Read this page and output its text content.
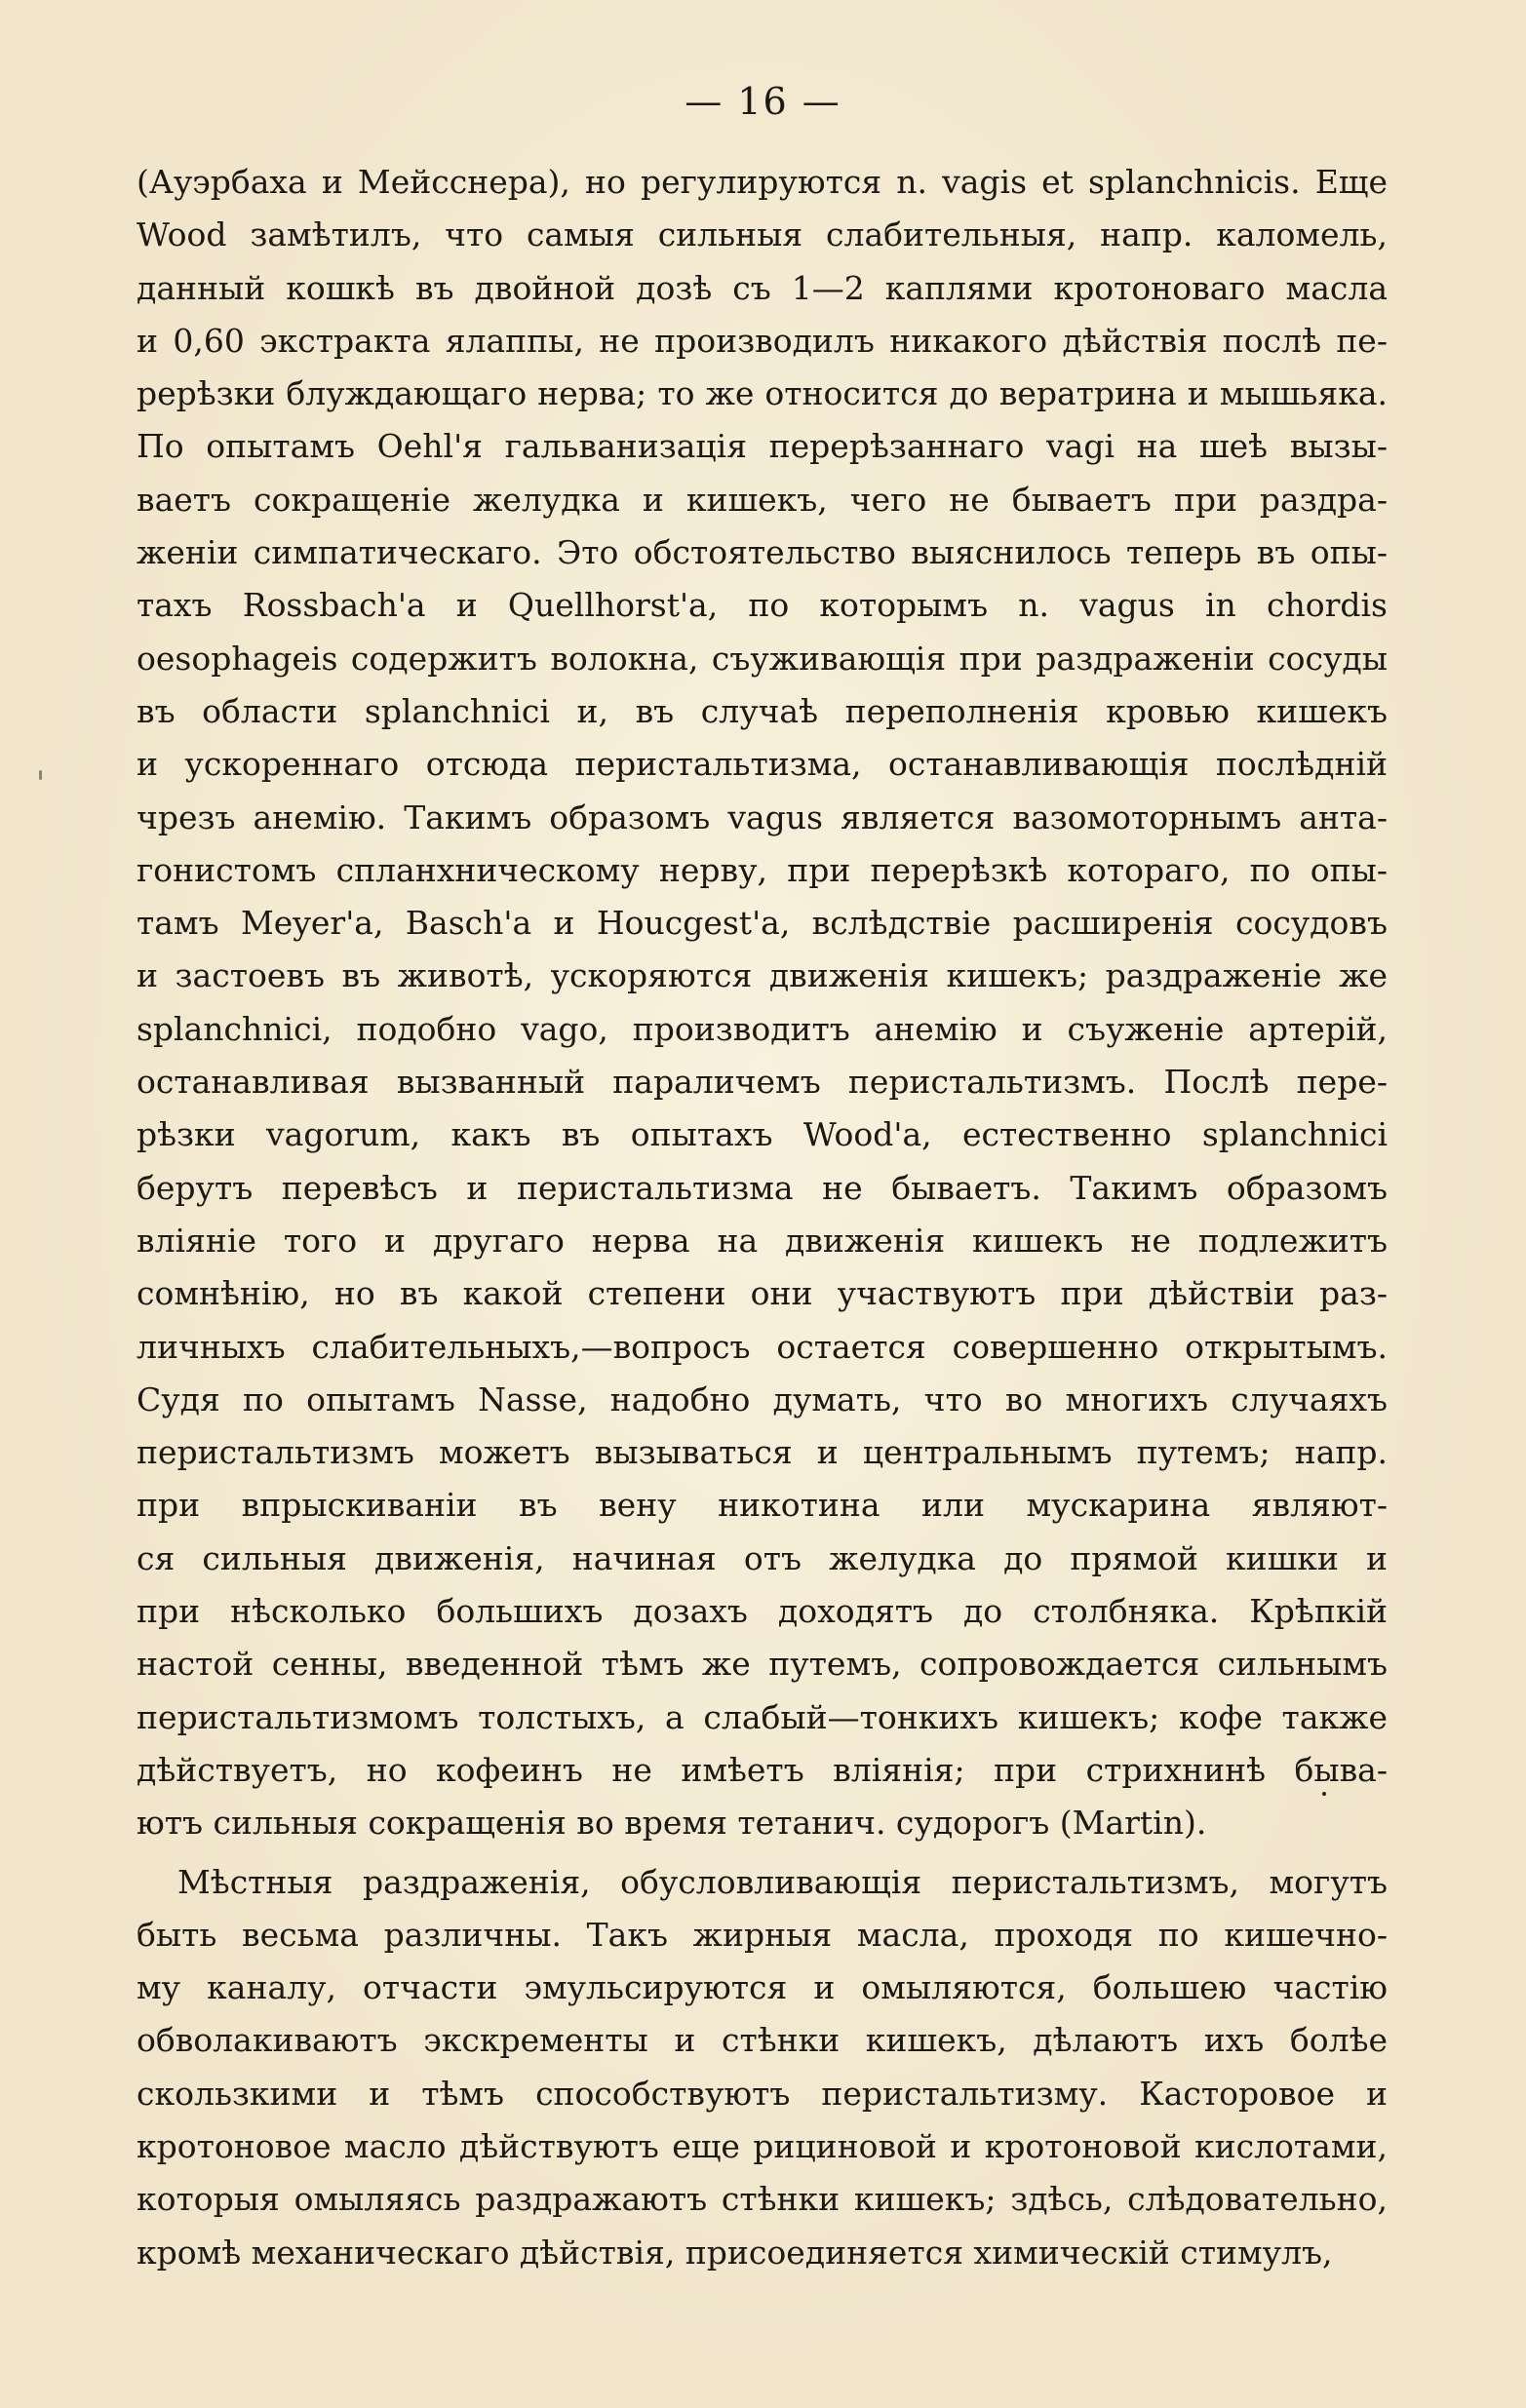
— 16 —
(Ауэрбаха и Мейсснера), но регулируются n. vagis et splanchnicis. Еще
Wood замѣтилъ, что самыя сильныя слабительныя, напр. каломель,
данный кошкѣ въ двойной дозѣ съ 1—2 каплями кротоноваго масла
и 0,60 экстракта ялаппы, не производилъ никакого дѣйствія послѣ пе-
рерѣзки блуждающаго нерва; то же относится до вератрина и мышьяка.
По опытамъ Oehl'я гальванизація перерѣзаннаго vagi на шеѣ вызы-
ваетъ сокращеніе желудка и кишекъ, чего не бываетъ при раздра-
женіи симпатическаго. Это обстоятельство выяснилось теперь въ опы-
тахъ Rossbach'а и Quellhorst'а, по которымъ n. vagus in chordis
oesophageis содержитъ волокна, съуживающія при раздраженіи сосуды
въ области splanchnici и, въ случаѣ переполненія кровью кишекъ
и ускореннаго отсюда перистальтизма, останавливающія послѣдній
чрезъ анемію. Такимъ образомъ vagus является вазомоторнымъ анта-
гонистомъ спланхническому нерву, при перерѣзкѣ котораго, по опы-
тамъ Meyer'а, Basch'а и Houcgest'а, вслѣдствіе расширенія сосудовъ
и застоевъ въ животѣ, ускоряются движенія кишекъ; раздраженіе же
splanchnici, подобно vago, производитъ анемію и съуженіе артерій,
останавливая вызванный параличемъ перистальтизмъ. Послѣ пере-
рѣзки vagorum, какъ въ опытахъ Wood'а, естественно splanchnici
берутъ перевѣсъ и перистальтизма не бываетъ. Такимъ образомъ
вліяніе того и другаго нерва на движенія кишекъ не подлежитъ
сомнѣнію, но въ какой степени они участвуютъ при дѣйствіи раз-
личныхъ слабительныхъ,—вопросъ остается совершенно открытымъ.
Судя по опытамъ Nasse, надобно думать, что во многихъ случаяхъ
перистальтизмъ можетъ вызываться и центральнымъ путемъ; напр.
при впрыскиваніи въ вену никотина или мускарина являют-
ся сильныя движенія, начиная отъ желудка до прямой кишки и
при нѣсколько большихъ дозахъ доходятъ до столбняка. Крѣпкій
настой сенны, введенной тѣмъ же путемъ, сопровождается сильнымъ
перистальтизмомъ толстыхъ, а слабый—тонкихъ кишекъ; кофе также
дѣйствуетъ, но кофеинъ не имѣетъ вліянія; при стрихнинѣ быва-
ютъ сильныя сокращенія во время тетанич. судорогъ (Martin).
Мѣстныя раздраженія, обусловливающія перистальтизмъ, могутъ
быть весьма различны. Такъ жирныя масла, проходя по кишечно-
му каналу, отчасти эмульсируются и омыляются, большею частію
обволакиваютъ экскременты и стѣнки кишекъ, дѣлаютъ ихъ болѣе
скользкими и тѣмъ способствуютъ перистальтизму. Касторовое и
кротоновое масло дѣйствуютъ еще рициновой и кротоновой кислотами,
которыя омыляясь раздражаютъ стѣнки кишекъ; здѣсь, слѣдовательно,
кромѣ механическаго дѣйствія, присоединяется химическій стимулъ,
